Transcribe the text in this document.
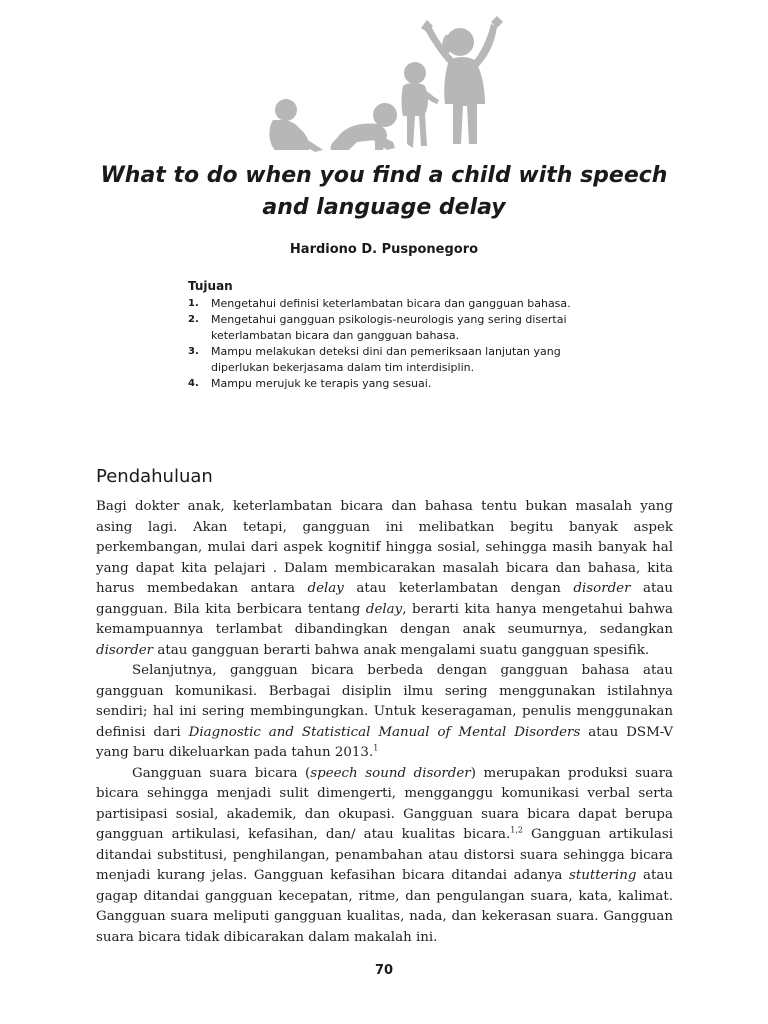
What to do when you find a child with speech
and language delay

Hardiono D. Pusponegoro

Tujuan

1.	Mengetahui definisi keterlambatan bicara dan gangguan bahasa.
2.	Mengetahui gangguan psikologis-neurologis yang sering disertai keterlambatan bicara dan gangguan bahasa.
3.	Mampu melakukan deteksi dini dan pemeriksaan lanjutan yang diperlukan bekerjasama dalam tim interdisiplin.
4.	Mampu merujuk ke terapis yang sesuai.
Pendahuluan

Bagi dokter anak, keterlambatan bicara dan bahasa tentu bukan masalah yang asing lagi. Akan tetapi, gangguan ini melibatkan begitu banyak aspek perkembangan, mulai dari aspek kognitif hingga sosial, sehingga masih banyak hal yang dapat kita pelajari . Dalam membicarakan masalah bicara dan bahasa, kita harus membedakan antara delay atau keterlambatan dengan disorder atau gangguan. Bila kita berbicara tentang delay, berarti kita hanya mengetahui bahwa kemampuannya terlambat dibandingkan dengan anak seumurnya, sedangkan disorder atau gangguan berarti bahwa anak mengalami suatu gangguan spesifik.

Selanjutnya, gangguan bicara berbeda dengan gangguan bahasa atau gangguan komunikasi. Berbagai disiplin ilmu sering menggunakan istilahnya sendiri; hal ini sering membingungkan. Untuk keseragaman, penulis menggunakan definisi dari Diagnostic and Statistical Manual of Mental Disorders atau DSM-V yang baru dikeluarkan pada tahun 2013.$^1$

Gangguan suara bicara (speech sound disorder) merupakan produksi suara bicara sehingga menjadi sulit dimengerti, mengganggu komunikasi verbal serta partisipasi sosial, akademik, dan okupasi. Gangguan suara bicara dapat berupa gangguan artikulasi, kefasihan, dan/ atau kualitas bicara.$^{1,2}$ Gangguan artikulasi ditandai substitusi, penghilangan, penambahan atau distorsi suara sehingga bicara menjadi kurang jelas. Gangguan kefasihan bicara ditandai adanya stuttering atau gagap ditandai gangguan kecepatan, ritme, dan pengulangan suara, kata, kalimat. Gangguan suara meliputi gangguan kualitas, nada, dan kekerasan suara. Gangguan suara bicara tidak dibicarakan dalam makalah ini.

70
